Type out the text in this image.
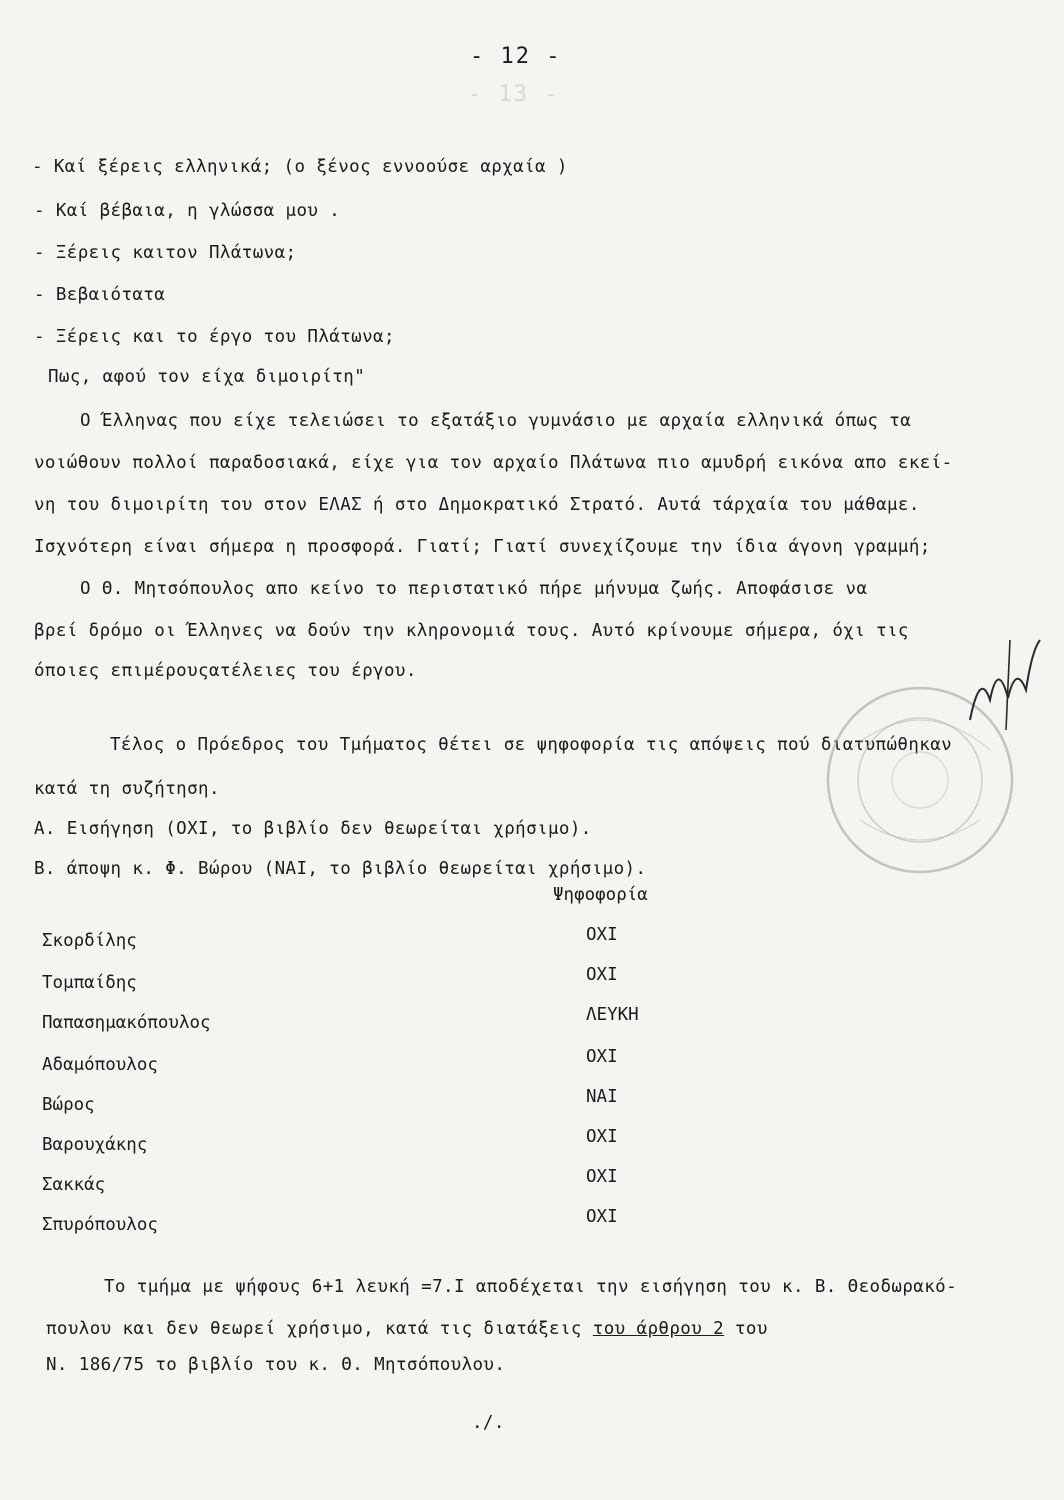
- 13 -
- 12 -
- Καί ξέρεις ελληνικά; (ο ξένος εννοούσε αρχαία )
- Καί βέβαια, η γλώσσα μου .
- Ξέρεις καιτον Πλάτωνα;
- Βεβαιότατα
- Ξέρεις και το έργο του Πλάτωνα;
Πως, αφού τον είχα διμοιρίτη"
Ο Έλληνας που είχε τελειώσει το εξατάξιο γυμνάσιο με αρχαία ελληνικά όπως τα
νοιώθουν πολλοί παραδοσιακά, είχε για τον αρχαίο Πλάτωνα πιο αμυδρή εικόνα απο εκεί-
νη του διμοιρίτη του στον ΕΛΑΣ ή στο Δημοκρατικό Στρατό. Αυτά τάρχαία του μάθαμε.
Ισχνότερη είναι σήμερα η προσφορά. Γιατί; Γιατί συνεχίζουμε την ίδια άγονη γραμμή;
Ο Θ. Μητσόπουλος απο κείνο το περιστατικό πήρε μήνυμα ζωής. Αποφάσισε να
βρεί δρόμο οι Έλληνες να δούν την κληρονομιά τους. Αυτό κρίνουμε σήμερα, όχι τις
όποιες επιμέρουςατέλειες του έργου.
Τέλος ο Πρόεδρος του Τμήματος θέτει σε ψηφοφορία τις απόψεις πού διατυπώθηκαν
κατά τη συζήτηση.
Α. Εισήγηση (ΟΧΙ, το βιβλίο δεν θεωρείται χρήσιμο).
Β. άποψη κ. Φ. Βώρου (ΝΑΙ, το βιβλίο θεωρείται χρήσιμο).
Ψηφοφορία
Σκορδίλης	ΟΧΙ
Τομπαίδης	ΟΧΙ
Παπασημακόπουλος	ΛΕΥΚΗ
Αδαμόπουλος	ΟΧΙ
Βώρος	ΝΑΙ
Βαρουχάκης	ΟΧΙ
Σακκάς	ΟΧΙ
Σπυρόπουλος	ΟΧΙ
Το τμήμα με ψήφους 6+1 λευκή =7.Ι αποδέχεται την εισήγηση του κ. Β. Θεοδωρακό-
πουλου και δεν θεωρεί χρήσιμο, κατά τις διατάξεις του άρθρου 2 του
Ν. 186/75 το βιβλίο του κ. Θ. Μητσόπουλου.
./.
